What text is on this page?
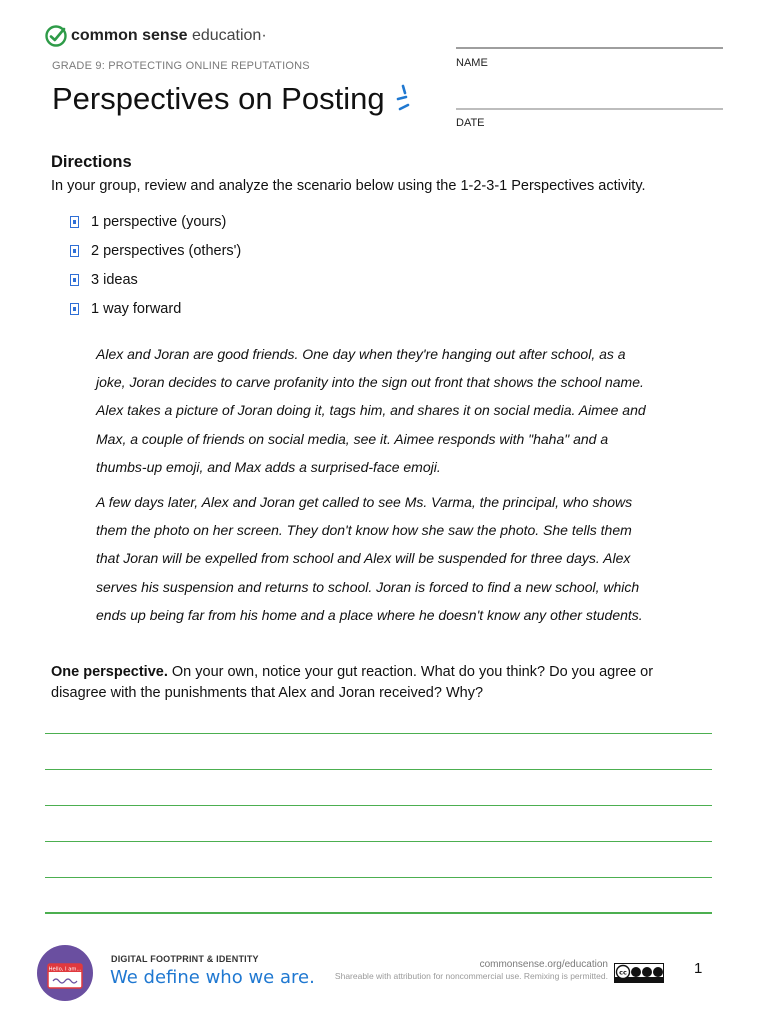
common sense education·
GRADE 9: PROTECTING ONLINE REPUTATIONS
Perspectives on Posting
NAME
DATE
Directions
In your group, review and analyze the scenario below using the 1-2-3-1 Perspectives activity.
1 perspective (yours)
2 perspectives (others')
3 ideas
1 way forward
Alex and Joran are good friends. One day when they're hanging out after school, as a joke, Joran decides to carve profanity into the sign out front that shows the school name. Alex takes a picture of Joran doing it, tags him, and shares it on social media. Aimee and Max, a couple of friends on social media, see it. Aimee responds with "haha" and a thumbs-up emoji, and Max adds a surprised-face emoji.
A few days later, Alex and Joran get called to see Ms. Varma, the principal, who shows them the photo on her screen. They don't know how she saw the photo. She tells them that Joran will be expelled from school and Alex will be suspended for three days. Alex serves his suspension and returns to school. Joran is forced to find a new school, which ends up being far from his home and a place where he doesn't know any other students.
One perspective. On your own, notice your gut reaction. What do you think? Do you agree or disagree with the punishments that Alex and Joran received? Why?
Hello, I am...
DIGITAL FOOTPRINT & IDENTITY
We define who we are.
commonsense.org/education
Shareable with attribution for noncommercial use. Remixing is permitted. cc	1
